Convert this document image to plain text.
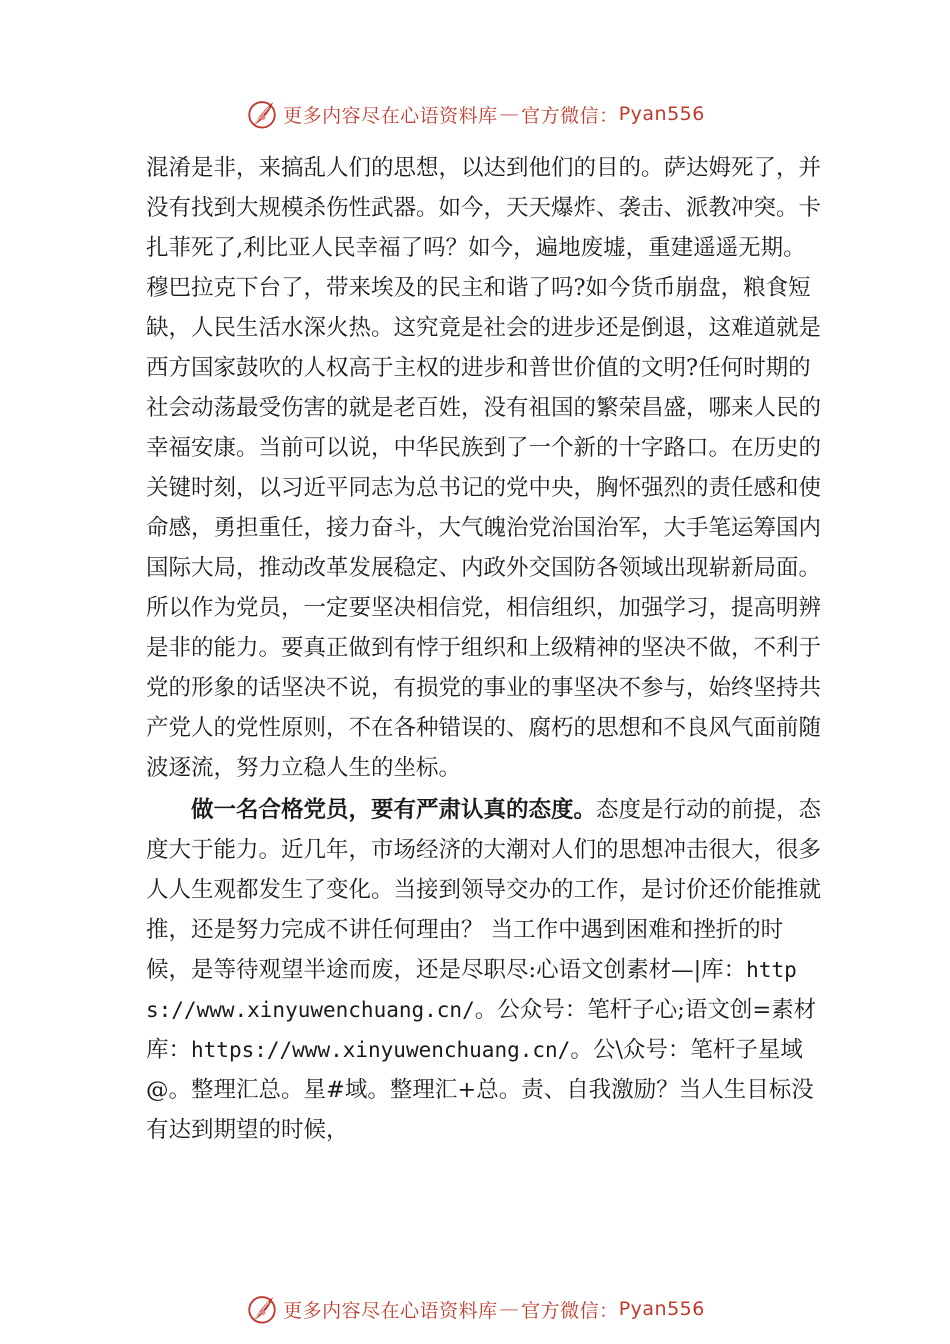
更多内容尽在心语资料库 — 官方微信： Pyan556

混淆是非，来搞乱人们的思想，以达到他们的目的。萨达姆死了，并没有找到大规模杀伤性武器。如今，天天爆炸、袭击、派教冲突。卡扎菲死了,利比亚人民幸福了吗？如今，遍地废墟，重建遥遥无期。穆巴拉克下台了，带来埃及的民主和谐了吗?如今货币崩盘，粮食短缺，人民生活水深火热。这究竟是社会的进步还是倒退，这难道就是西方国家鼓吹的人权高于主权的进步和普世价值的文明?任何时期的社会动荡最受伤害的就是老百姓，没有祖国的繁荣昌盛，哪来人民的幸福安康。当前可以说，中华民族到了一个新的十字路口。在历史的关键时刻，以习近平同志为总书记的党中央，胸怀强烈的责任感和使命感，勇担重任，接力奋斗，大气魄治党治国治军，大手笔运筹国内国际大局，推动改革发展稳定、内政外交国防各领域出现崭新局面。所以作为党员，一定要坚决相信党，相信组织，加强学习，提高明辨是非的能力。要真正做到有悖于组织和上级精神的坚决不做，不利于党的形象的话坚决不说，有损党的事业的事坚决不参与，始终坚持共产党人的党性原则，不在各种错误的、腐朽的思想和不良风气面前随波逐流，努力立稳人生的坐标。

做一名合格党员，要有严肃认真的态度。态度是行动的前提，态度大于能力。近几年，市场经济的大潮对人们的思想冲击很大，很多人人生观都发生了变化。当接到领导交办的工作，是讨价还价能推就推，还是努力完成不讲任何理由？ 当工作中遇到困难和挫折的时候，是等待观望半途而废，还是尽职尽:心语文创素材—|库：https://www.xinyuwenchuang.cn/。公众号：笔杆子心;语文创=素材库：https://www.xinyuwenchuang.cn/。公\众号：笔杆子星域@。整理汇总。星#域。整理汇+总。责、自我激励？当人生目标没有达到期望的时候，

更多内容尽在心语资料库 — 官方微信： Pyan556
